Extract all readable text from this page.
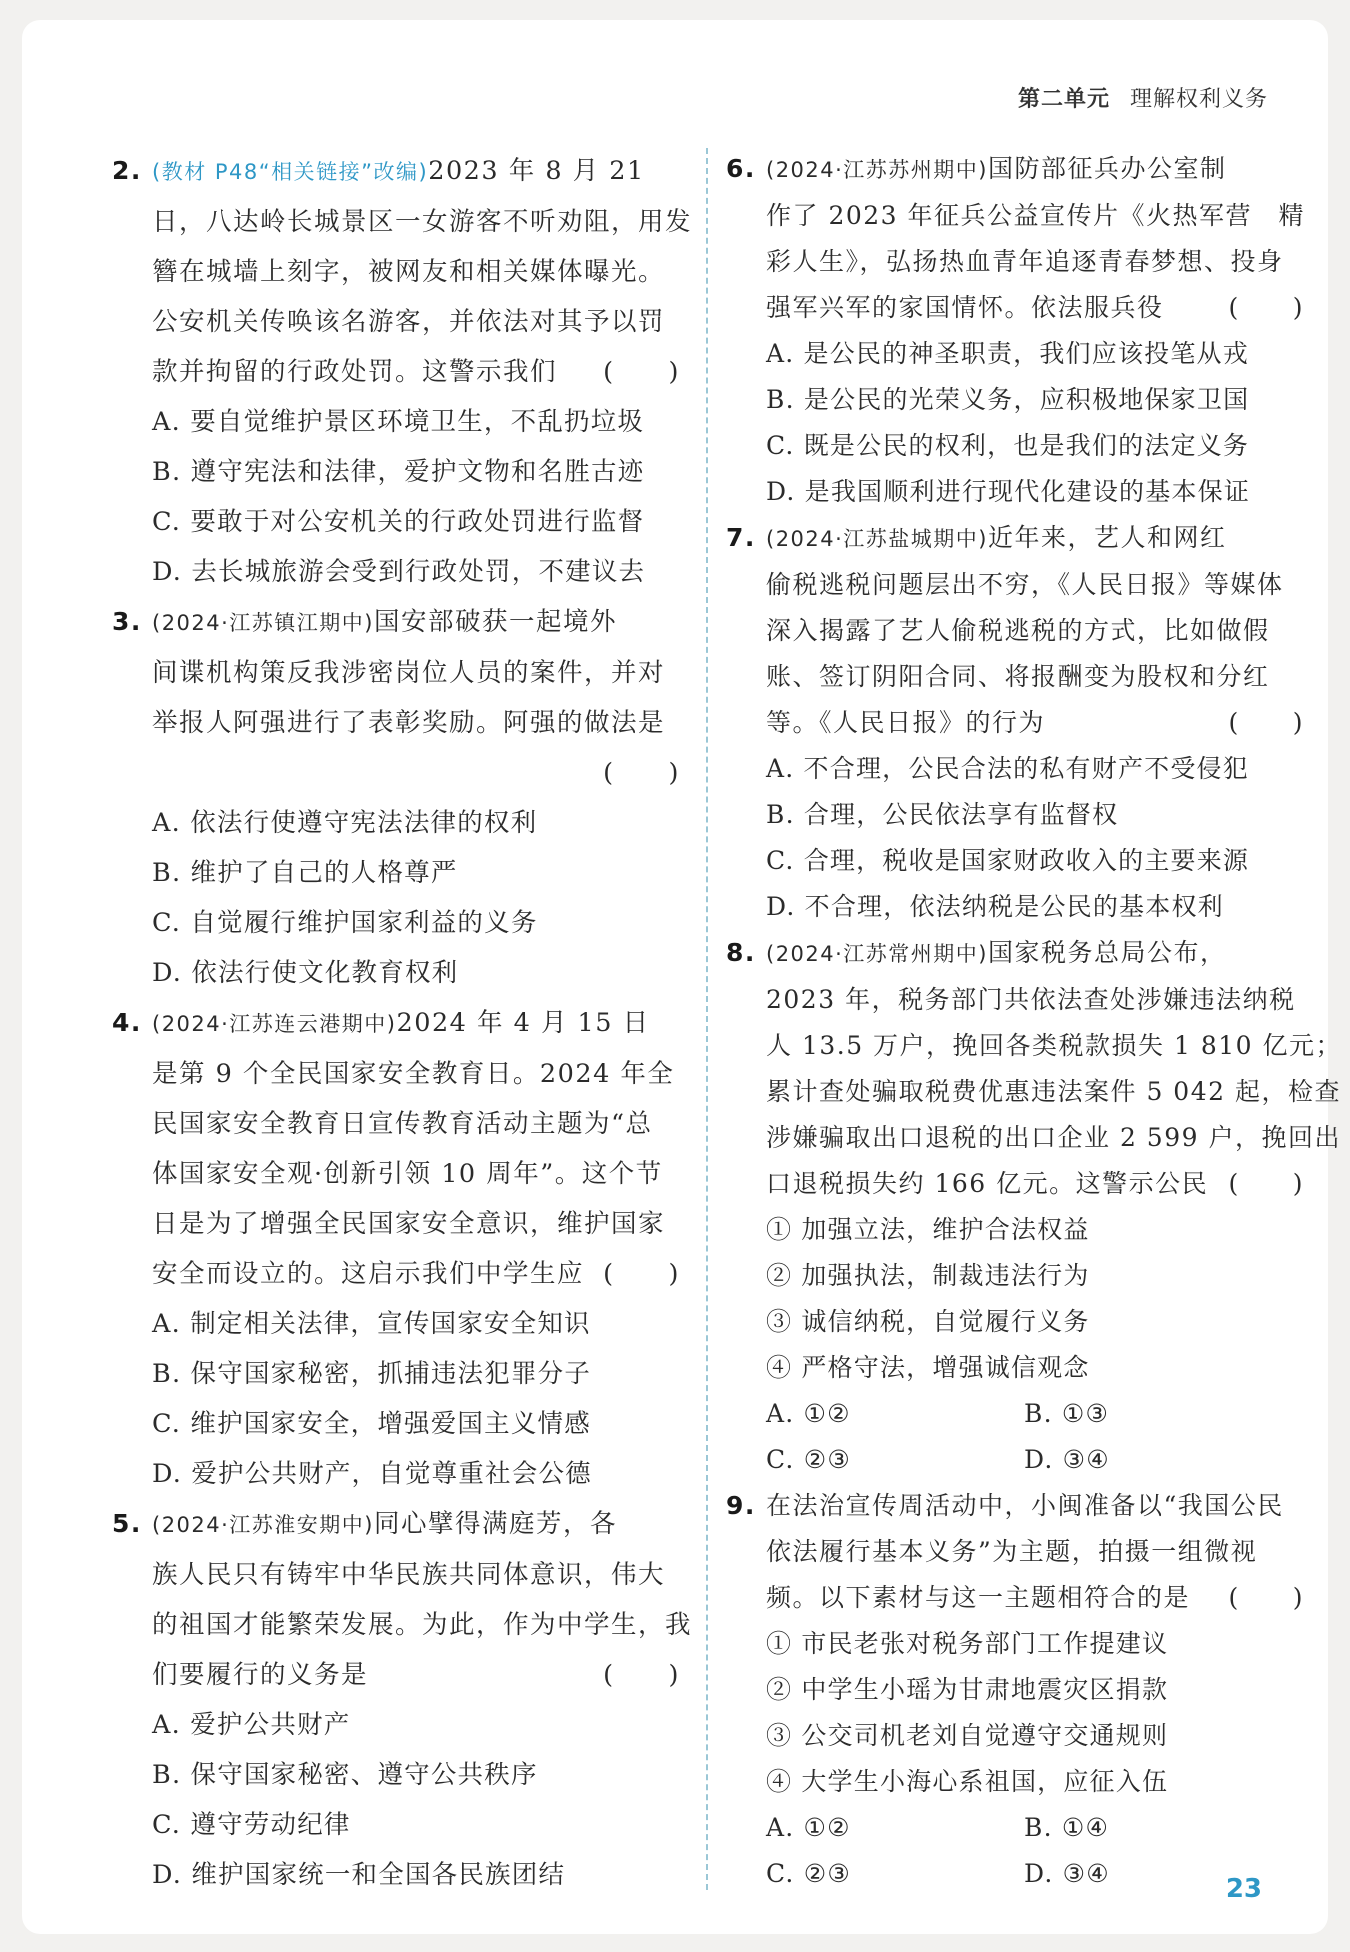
第二单元 理解权利义务
2. (教材 P48“相关链接”改编)2023 年 8 月 21
日，八达岭长城景区一女游客不听劝阻，用发
簪在城墙上刻字，被网友和相关媒体曝光。
公安机关传唤该名游客，并依法对其予以罚
款并拘留的行政处罚。这警示我们 (　　)
A. 要自觉维护景区环境卫生，不乱扔垃圾
B. 遵守宪法和法律，爱护文物和名胜古迹
C. 要敢于对公安机关的行政处罚进行监督
D. 去长城旅游会受到行政处罚，不建议去
3. (2024·江苏镇江期中)国安部破获一起境外
间谍机构策反我涉密岗位人员的案件，并对
举报人阿强进行了表彰奖励。阿强的做法是
(　　)

A. 依法行使遵守宪法法律的权利
B. 维护了自己的人格尊严
C. 自觉履行维护国家利益的义务
D. 依法行使文化教育权利
4. (2024·江苏连云港期中)2024 年 4 月 15 日
是第 9 个全民国家安全教育日。2024 年全
民国家安全教育日宣传教育活动主题为“总
体国家安全观·创新引领 10 周年”。这个节
日是为了增强全民国家安全意识，维护国家
安全而设立的。这启示我们中学生应 (　　)
A. 制定相关法律，宣传国家安全知识
B. 保守国家秘密，抓捕违法犯罪分子
C. 维护国家安全，增强爱国主义情感
D. 爱护公共财产，自觉尊重社会公德
5. (2024·江苏淮安期中)同心擘得满庭芳，各
族人民只有铸牢中华民族共同体意识，伟大
的祖国才能繁荣发展。为此，作为中学生，我
们要履行的义务是	(　　)
A. 爱护公共财产
B. 保守国家秘密、遵守公共秩序
C. 遵守劳动纪律
D. 维护国家统一和全国各民族团结
6. (2024·江苏苏州期中)国防部征兵办公室制
作了 2023 年征兵公益宣传片《火热军营　精
彩人生》，弘扬热血青年追逐青春梦想、投身
强军兴军的家国情怀。依法服兵役	(　　)
A. 是公民的神圣职责，我们应该投笔从戎
B. 是公民的光荣义务，应积极地保家卫国
C. 既是公民的权利，也是我们的法定义务
D. 是我国顺利进行现代化建设的基本保证
7. (2024·江苏盐城期中)近年来，艺人和网红
偷税逃税问题层出不穷，《人民日报》等媒体
深入揭露了艺人偷税逃税的方式，比如做假
账、签订阴阳合同、将报酬变为股权和分红
等。《人民日报》的行为	(　　)
A. 不合理，公民合法的私有财产不受侵犯
B. 合理，公民依法享有监督权
C. 合理，税收是国家财政收入的主要来源
D. 不合理，依法纳税是公民的基本权利
8. (2024·江苏常州期中)国家税务总局公布，
2023 年，税务部门共依法查处涉嫌违法纳税
人 13.5 万户，挽回各类税款损失 1 810 亿元；
累计查处骗取税费优惠违法案件 5 042 起，检查
涉嫌骗取出口退税的出口企业 2 599 户，挽回出
口退税损失约 166 亿元。这警示公民 (　　)
① 加强立法，维护合法权益
② 加强执法，制裁违法行为
③ 诚信纳税，自觉履行义务
④ 严格守法，增强诚信观念
A. ①②	B. ①③
C. ②③	D. ③④
9. 在法治宣传周活动中，小闽准备以“我国公民
依法履行基本义务”为主题，拍摄一组微视
频。以下素材与这一主题相符合的是 (　　)
① 市民老张对税务部门工作提建议
② 中学生小瑶为甘肃地震灾区捐款
③ 公交司机老刘自觉遵守交通规则
④ 大学生小海心系祖国，应征入伍
A. ①②	B. ①④
C. ②③	D. ③④
23
